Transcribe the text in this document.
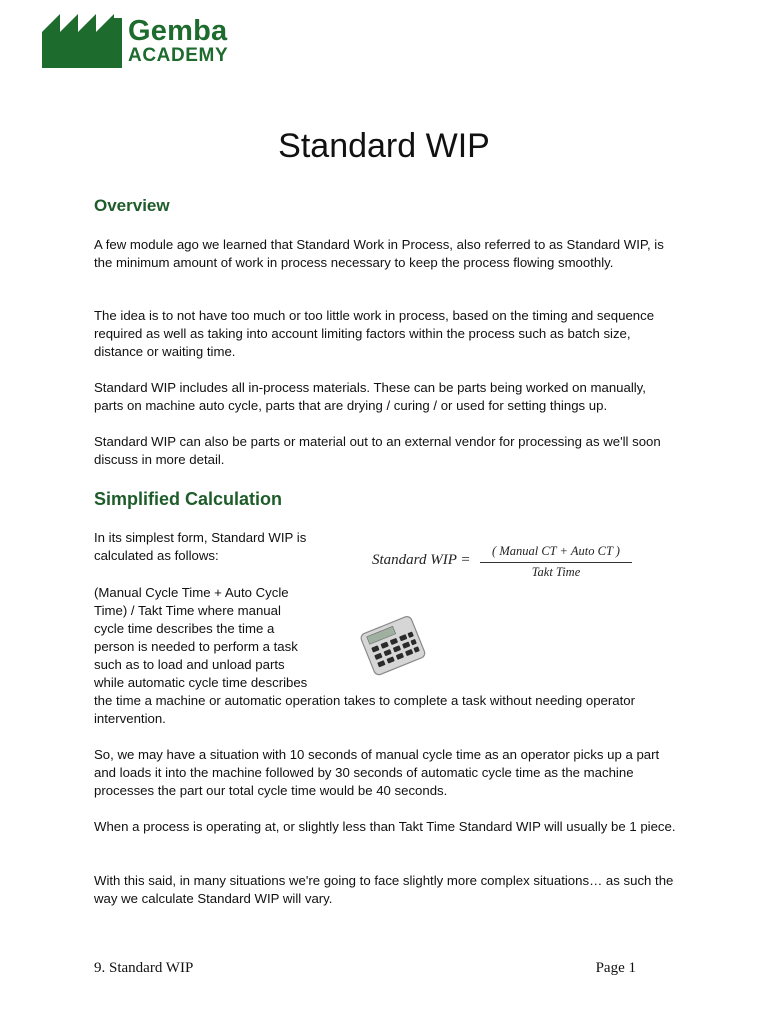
Gemba
ACADEMY
Standard WIP
Overview

A few module ago we learned that Standard Work in Process, also referred to as Standard WIP, is the minimum amount of work in process necessary to keep the process flowing smoothly.

The idea is to not have too much or too little work in process, based on the timing and sequence required as well as taking into account limiting factors within the process such as batch size, distance or waiting time.

Standard WIP includes all in-process materials. These can be parts being worked on manually, parts on machine auto cycle, parts that are drying / curing / or used for setting things up.

Standard WIP can also be parts or material out to an external vendor for processing as we'll soon discuss in more detail.

Simplified Calculation

In its simplest form, Standard WIP is

calculated as follows:	Standard WIP =
( Manual CT + Auto CT )
Takt Time

(Manual Cycle Time + Auto Cycle

Time) / Takt Time where manual

cycle time describes the time a

person is needed to perform a task

such as to load and unload parts

while automatic cycle time describes

the time a machine or automatic operation takes to complete a task without needing operator

intervention.

So, we may have a situation with 10 seconds of manual cycle time as an operator picks up a part and loads it into the machine followed by 30 seconds of automatic cycle time as the machine processes the part our total cycle time would be 40 seconds.

When a process is operating at, or slightly less than Takt Time Standard WIP will usually be 1 piece.

With this said, in many situations we're going to face slightly more complex situations… as such the way we calculate Standard WIP will vary.

9. Standard WIP	Page 1
